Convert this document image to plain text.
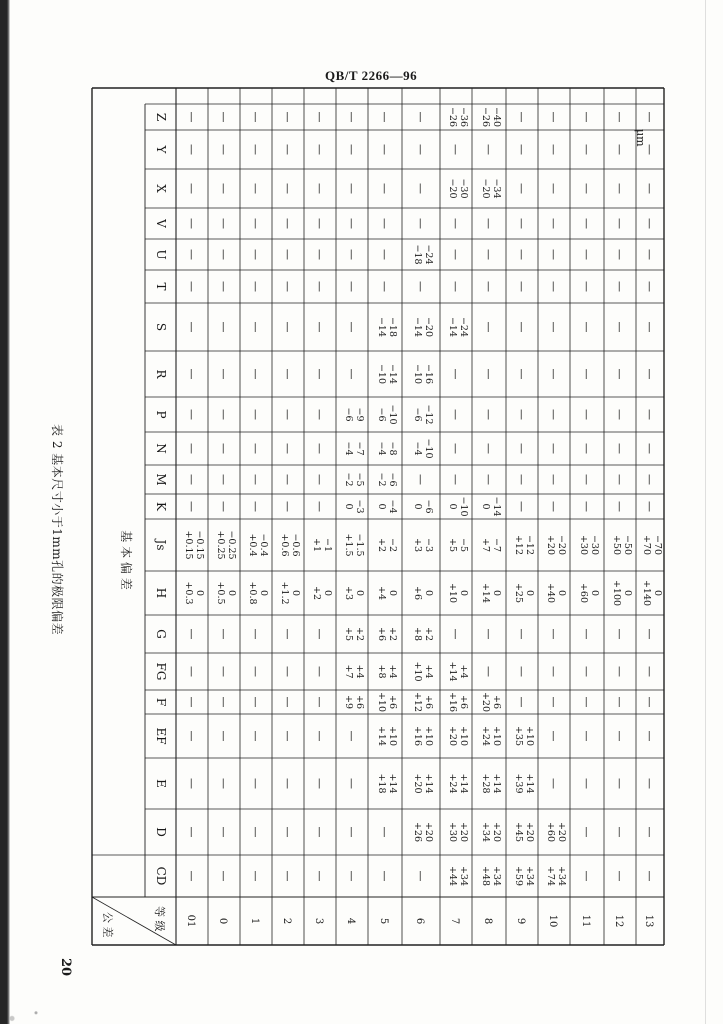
QB/T 2266—96
μm
表 2 基本尺寸小于1mm孔的极限偏差
20
基 本 偏 差
公 差	等 级
CD
D
E
EF
F
FG
G
H
Js
K
M
N
P
R
S
T
U
V
X
Y
Z
01
—
—
—
—
—
—
—
+0.3 0
+0.15 −0.15
—
—
—
—
—
—
—
—
—
—
—
—
0
—
—
—
—
—
—
—
+0.5 0
+0.25 −0.25
—
—
—
—
—
—
—
—
—
—
—
—
1
—
—
—
—
—
—
—
+0.8 0
+0.4 −0.4
—
—
—
—
—
—
—
—
—
—
—
—
2
—
—
—
—
—
—
—
+1.2 0
+0.6 −0.6
—
—
—
—
—
—
—
—
—
—
—
—
3
—
—
—
—
—
—
—
+2 0
+1 −1
—
—
—
—
—
—
—
—
—
—
—
—
4
—
—
—
—
+9 +6
+7 +4
+5 +2
+3 0
+1.5 −1.5
0 −3
−2 −5
−4 −7
−6 −9
—
—
—
—
—
—
—
—
5
—
—
+18 +14
+14 +10
+10 +6
+8 +4
+6 +2
+4 0
+2 −2
0 −4
−2 −6
−4 −8
−6 −10
−10 −14
−14 −18
—
—
—
—
—
—
6
—
+26 +20
+20 +14
+16 +10
+12 +6
+10 +4
+8 +2
+6 0
+3 −3
0 −6
—
−4 −10
−6 −12
−10 −16
−14 −20
—
−18 −24
—
—
—
—
7
+44 +34
+30 +20
+24 +14
+20 +10
+16 +6
+14 +4
—
+10 0
+5 −5
0 −10
—
—
—
—
−14 −24
—
—
—
−20 −30
—
−26 −36
8
+48 +34
+34 +20
+28 +14
+24 +10
+20 +6
—
—
+14 0
+7 −7
0 −14
—
—
—
—
—
—
—
—
−20 −34
—
−26 −40
9
+59 +34
+45 +20
+39 +14
+35 +10
—
—
—
+25 0
+12 −12
—
—
—
—
—
—
—
—
—
—
—
—
10
+74 +34
+60 +20
—
—
—
—
—
+40 0
+20 −20
—
—
—
—
—
—
—
—
—
—
—
—
11
—
—
—
—
—
—
—
+60 0
+30 −30
—
—
—
—
—
—
—
—
—
—
—
—
12
—
—
—
—
—
—
—
+100 0
+50 −50
—
—
—
—
—
—
—
—
—
—
—
—
13
—
—
—
—
—
—
—
+140 0
+70 −70
—
—
—
—
—
—
—
—
—
—
—
—
